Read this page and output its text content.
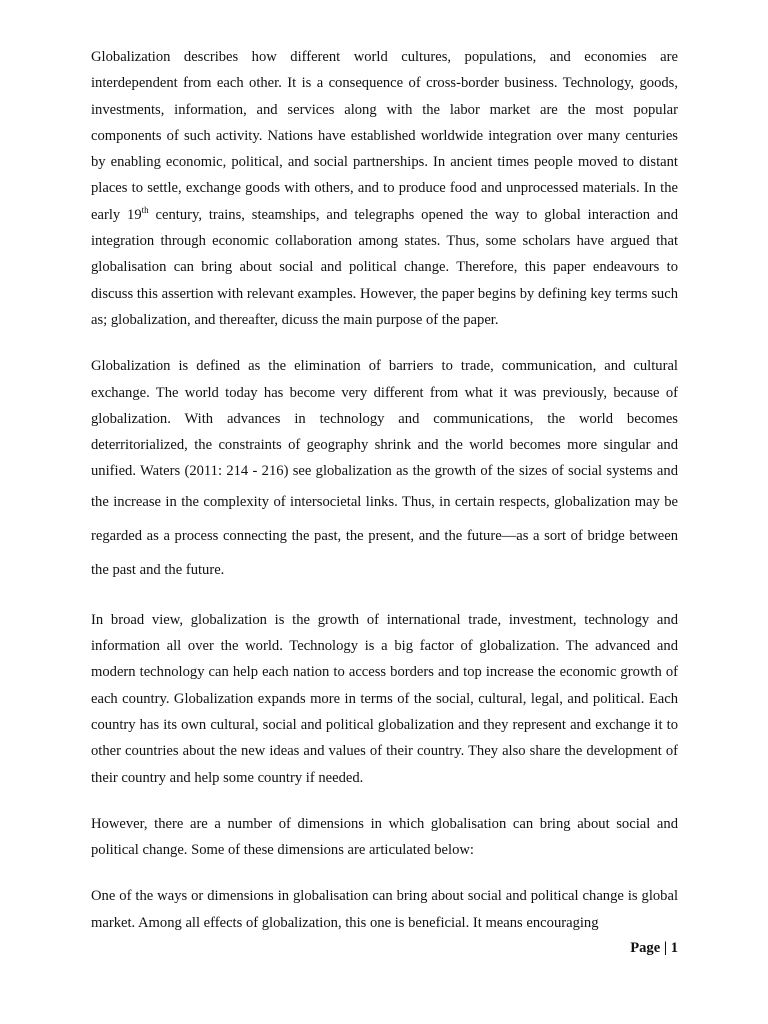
Globalization describes how different world cultures, populations, and economies are interdependent from each other. It is a consequence of cross-border business. Technology, goods, investments, information, and services along with the labor market are the most popular components of such activity. Nations have established worldwide integration over many centuries by enabling economic, political, and social partnerships. In ancient times people moved to distant places to settle, exchange goods with others, and to produce food and unprocessed materials. In the early 19th century, trains, steamships, and telegraphs opened the way to global interaction and integration through economic collaboration among states. Thus, some scholars have argued that globalisation can bring about social and political change. Therefore, this paper endeavours to discuss this assertion with relevant examples. However, the paper begins by defining key terms such as; globalization, and thereafter, dicuss the main purpose of the paper.

Globalization is defined as the elimination of barriers to trade, communication, and cultural exchange. The world today has become very different from what it was previously, because of globalization. With advances in technology and communications, the world becomes deterritorialized, the constraints of geography shrink and the world becomes more singular and unified. Waters (2011: 214 - 216) see globalization as the growth of the sizes of social systems and the increase in the complexity of intersocietal links. Thus, in certain respects, globalization may be regarded as a process connecting the past, the present, and the future—as a sort of bridge between the past and the future.

In broad view, globalization is the growth of international trade, investment, technology and information all over the world. Technology is a big factor of globalization. The advanced and modern technology can help each nation to access borders and top increase the economic growth of each country. Globalization expands more in terms of the social, cultural, legal, and political. Each country has its own cultural, social and political globalization and they represent and exchange it to other countries about the new ideas and values of their country. They also share the development of their country and help some country if needed.

However, there are a number of dimensions in which globalisation can bring about social and political change. Some of these dimensions are articulated below:

One of the ways or dimensions in globalisation can bring about social and political change is global market. Among all effects of globalization, this one is beneficial. It means encouraging

Page | 1
